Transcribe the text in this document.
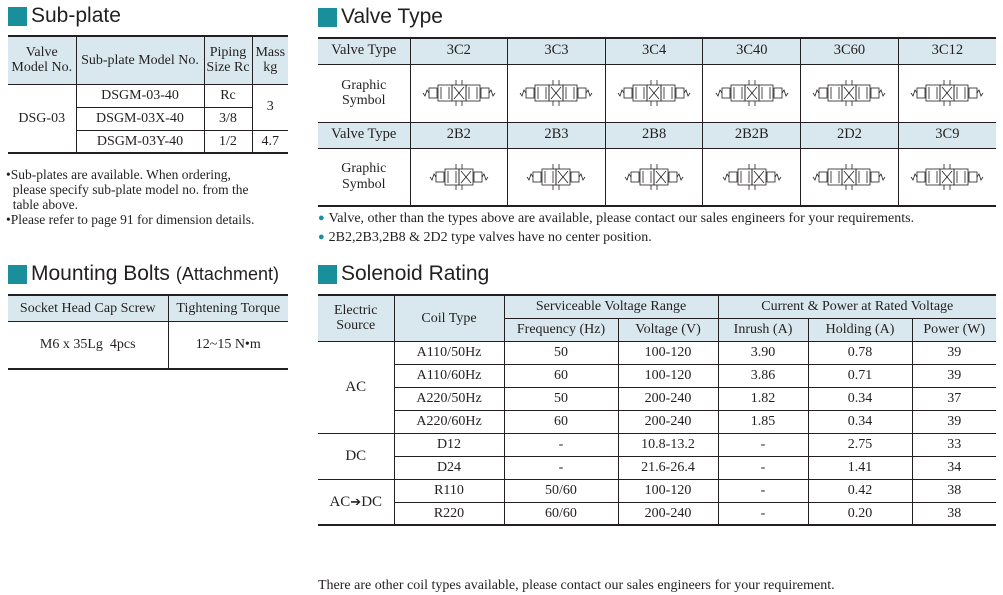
Sub-plate
Valve Model No.	Sub-plate Model No.	Piping Size Rc	Mass kg
DSG-03	DSGM-03-40	Rc	3
	DSGM-03X-40	3/8	
	DSGM-03Y-40	1/2	4.7

•Sub-plates are available. When ordering,

please specify sub-plate model no. from the

table above.

•Please refer to page 91 for dimension details.

Mounting Bolts (Attachment)
Socket Head Cap Screw	Tightening Torque
M6 x 35Lg  4pcs	12~15 N•m
Valve Type
Valve Type	3C2	3C3	3C4	3C40	3C60	3C12

Graphic
Symbol

Valve Type	2B2	2B3	2B8	2B2B	2D2	3C9

Graphic
Symbol

● Valve, other than the types above are available, please contact our sales engineers for your requirements.

● 2B2,2B3,2B8 & 2D2 type valves have no center position.

Solenoid Rating
Electric Source	Coil Type	Serviceable Voltage Range		Current & Power at Rated Voltage		
		Frequency (Hz)	Voltage (V)	Inrush (A)	Holding (A)	Power (W)
AC	A110/50Hz	50	100-120	3.90	0.78	39
	A110/60Hz	60	100-120	3.86	0.71	39
	A220/50Hz	50	200-240	1.82	0.34	37
	A220/60Hz	60	200-240	1.85	0.34	39
DC	D12	-	10.8-13.2	-	2.75	33
	D24	-	21.6-26.4	-	1.41	34
AC➔DC	R110	50/60	100-120	-	0.42	38
	R220	60/60	200-240	-	0.20	38
There are other coil types available, please contact our sales engineers for your requirement.
